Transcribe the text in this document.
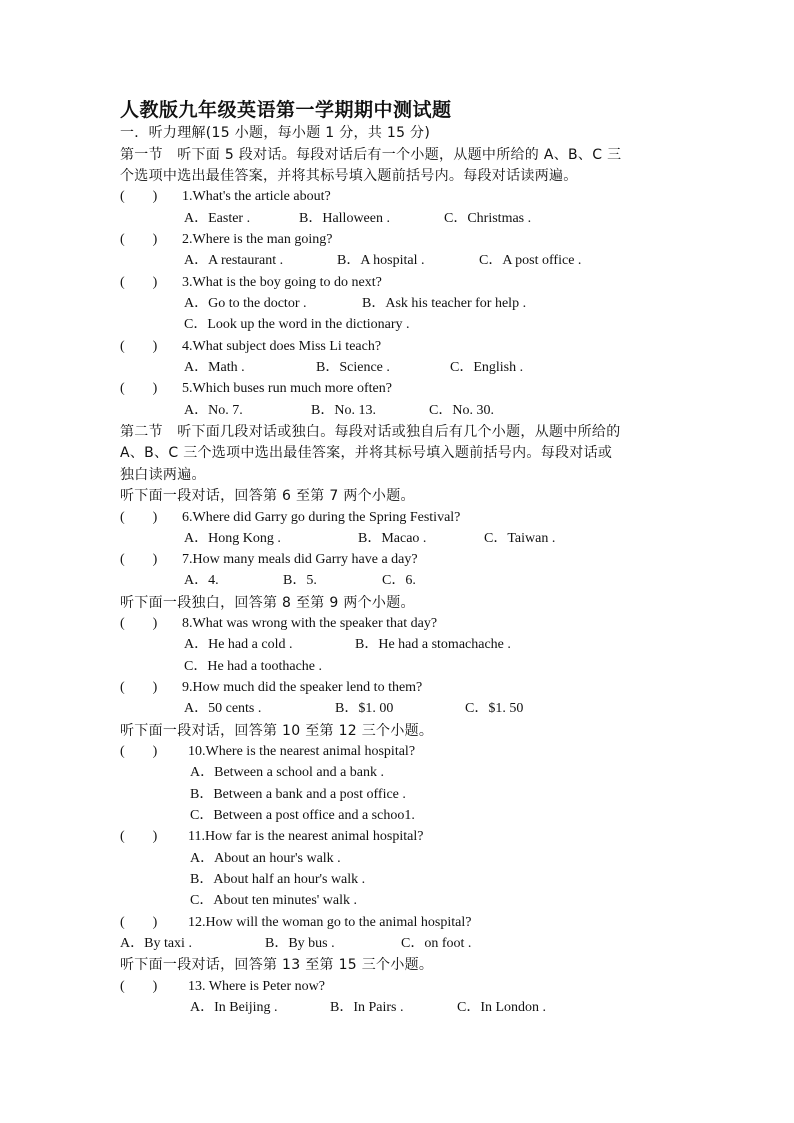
人教版九年级英语第一学期期中测试题
一．听力理解(15 小题，每小题 1 分，共 15 分)
第一节　听下面 5 段对话。每段对话后有一个小题，从题中所给的 A、B、C 三
个选项中选出最佳答案，并将其标号填入题前括号内。每段对话读两遍。
(　　) 1.What's the article about?
A．Easter .	B．Halloween .	C．Christmas .
(　　) 2.Where is the man going?
A．A restaurant .	B．A hospital .	C．A post office .
(　　) 3.What is the boy going to do next?
A．Go to the doctor .	B．Ask his teacher for help .
C．Look up the word in the dictionary .
(　　) 4.What subject does Miss Li teach?
A．Math .	B．Science .	C．English .
(　　) 5.Which buses run much more often?
A．No. 7.	B．No. 13.	C．No. 30.
第二节　听下面几段对话或独白。每段对话或独自后有几个小题，从题中所给的
A、B、C 三个选项中选出最佳答案，并将其标号填入题前括号内。每段对话或
独白读两遍。
听下面一段对话，回答第 6 至第 7 两个小题。
(　　) 6.Where did Garry go during the Spring Festival?
A．Hong Kong .	B．Macao .	C．Taiwan .
(　　) 7.How many meals did Garry have a day?
A．4.	B．5.	C．6.
听下面一段独白，回答第 8 至第 9 两个小题。
(　　) 8.What was wrong with the speaker that day?
A．He had a cold .	B．He had a stomachache .
C．He had a toothache .
(　　) 9.How much did the speaker lend to them?
A．50 cents .	B．$1. 00	C．$1. 50
听下面一段对话，回答第 10 至第 12 三个小题。
(　　) 10.Where is the nearest animal hospital?
A．Between a school and a bank .
B．Between a bank and a post office .
C．Between a post office and a schoo1.
(　　) 11.How far is the nearest animal hospital?
A．About an hour's walk .
B．About half an hour's walk .
C．About ten minutes' walk .
(　　) 12.How will the woman go to the animal hospital?
A．By taxi .	B．By bus .	C．on foot .
听下面一段对话，回答第 13 至第 15 三个小题。
(　　) 13. Where is Peter now?
A．In Beijing .	B．In Pairs .	C．In London .
